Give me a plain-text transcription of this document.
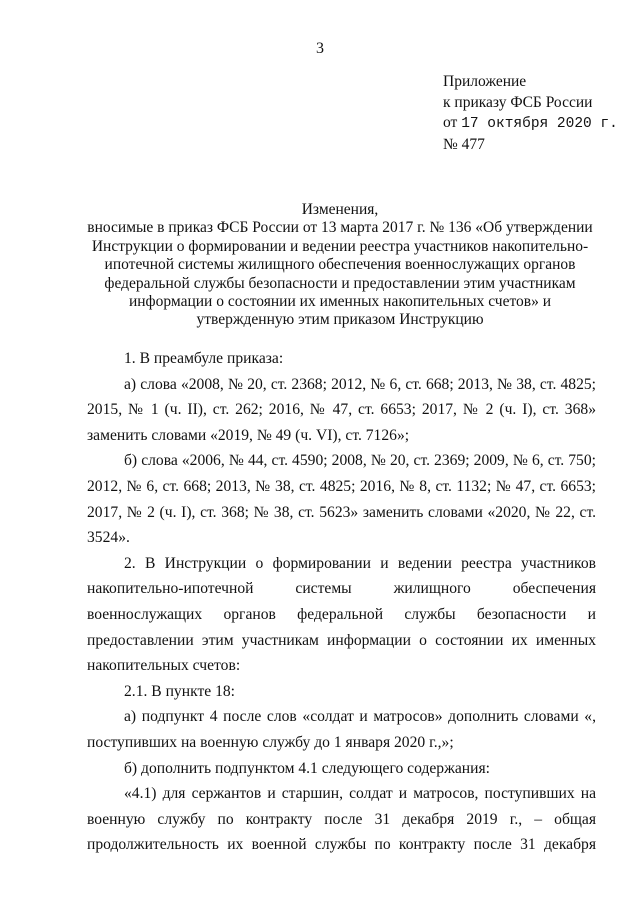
3
Приложение
к приказу ФСБ России
от 17 октября 2020 г.
№ 477
Изменения,
вносимые в приказ ФСБ России от 13 марта 2017 г. № 136 «Об утверждении
Инструкции о формировании и ведении реестра участников накопительно-
ипотечной системы жилищного обеспечения военнослужащих органов
федеральной службы безопасности и предоставлении этим участникам
информации о состоянии их именных накопительных счетов» и
утвержденную этим приказом Инструкцию

1. В преамбуле приказа:

а) слова «2008, № 20, ст. 2368; 2012, № 6, ст. 668; 2013, № 38, ст. 4825; 2015, № 1 (ч. II), ст. 262; 2016, № 47, ст. 6653; 2017, № 2 (ч. I), ст. 368» заменить словами «2019, № 49 (ч. VI), ст. 7126»;

б) слова «2006, № 44, ст. 4590; 2008, № 20, ст. 2369; 2009, № 6, ст. 750; 2012, № 6, ст. 668; 2013, № 38, ст. 4825; 2016, № 8, ст. 1132; № 47, ст. 6653; 2017, № 2 (ч. I), ст. 368; № 38, ст. 5623» заменить словами «2020, № 22, ст. 3524».

2. В Инструкции о формировании и ведении реестра участников накопительно-ипотечной системы жилищного обеспечения военнослужащих органов федеральной службы безопасности и предоставлении этим участникам информации о состоянии их именных накопительных счетов:

2.1. В пункте 18:

а) подпункт 4 после слов «солдат и матросов» дополнить словами «, поступивших на военную службу до 1 января 2020 г.,»;

б) дополнить подпунктом 4.1 следующего содержания:

«4.1) для сержантов и старшин, солдат и матросов, поступивших на военную службу по контракту после 31 декабря 2019 г., – общая продолжительность их военной службы по контракту после 31 декабря
